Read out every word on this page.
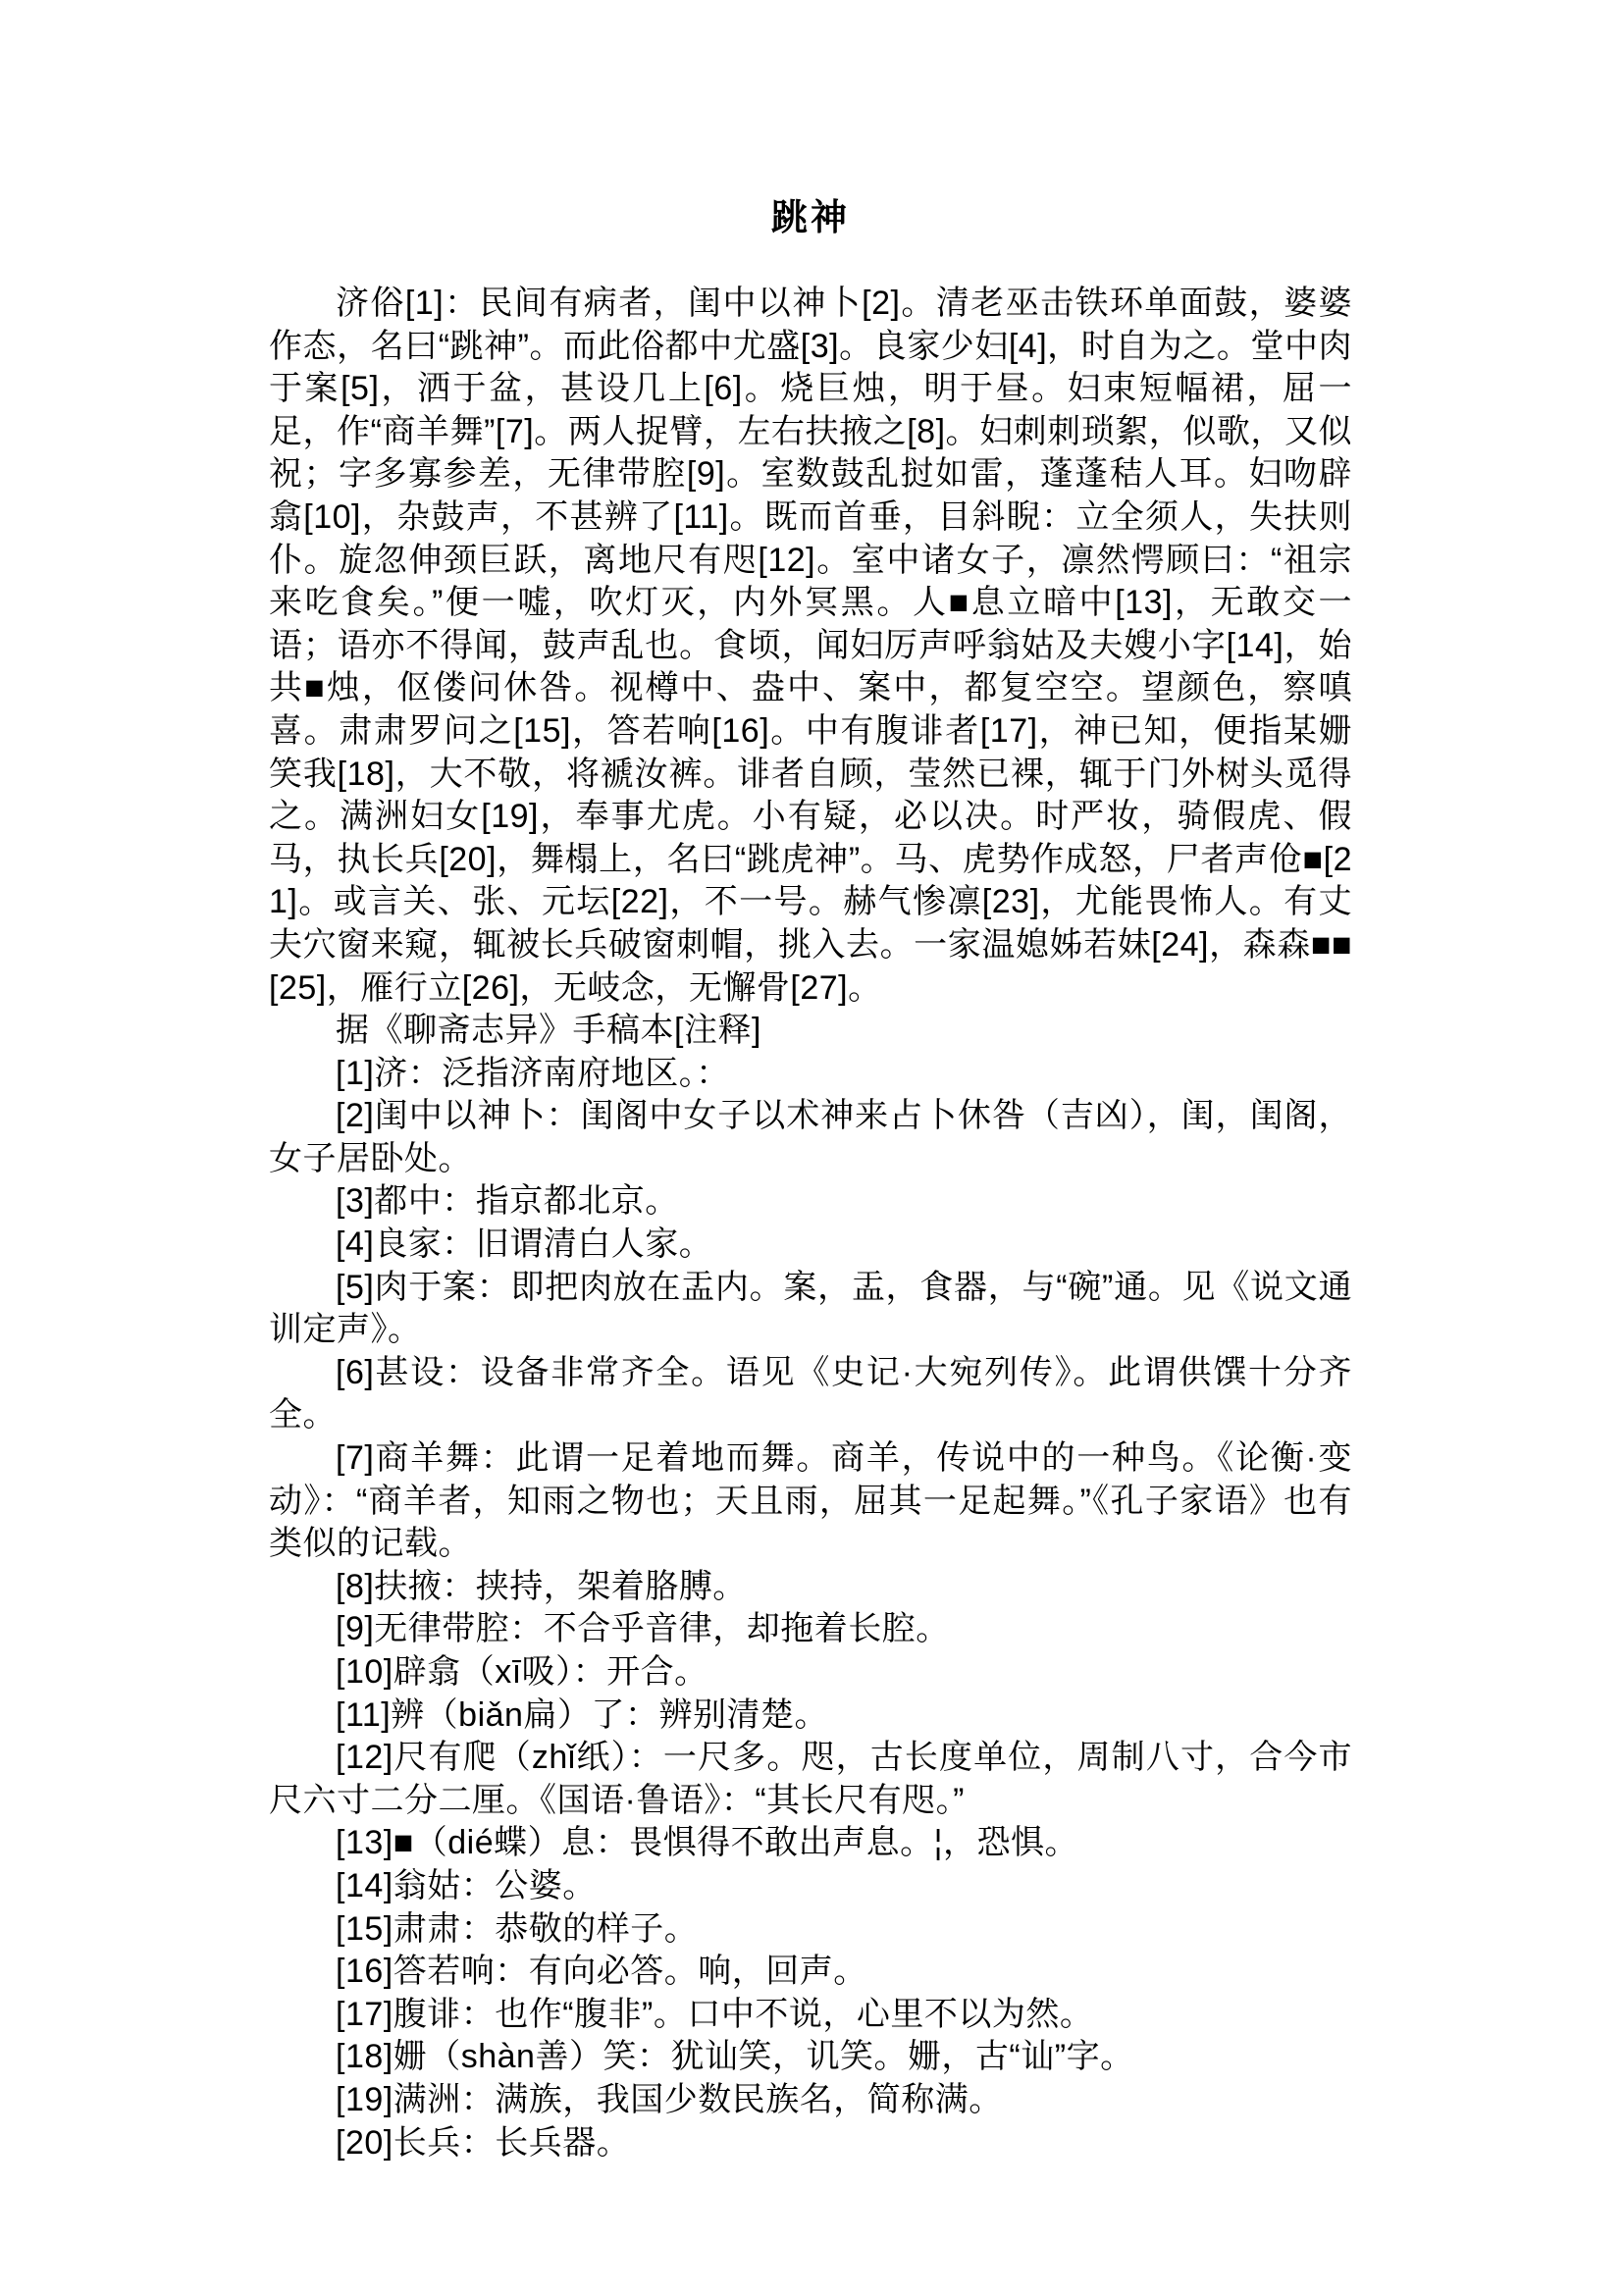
跳神

济俗[1]：民间有病者，闺中以神卜[2]。清老巫击铁环单面鼓，婆婆作态，名曰“跳神”。而此俗都中尤盛[3]。良家少妇[4]，时自为之。堂中肉于案[5]，洒于盆，甚设几上[6]。烧巨烛，明于昼。妇束短幅裙，屈一足，作“商羊舞”[7]。两人捉臂，左右扶掖之[8]。妇刺刺琐絮，似歌，又似祝；字多寡参差，无律带腔[9]。室数鼓乱挝如雷，蓬蓬秸人耳。妇吻辟翕[10]，杂鼓声，不甚辨了[11]。既而首垂，目斜睨：立全须人，失扶则仆。旋忽伸颈巨跃，离地尺有咫[12]。室中诸女子，凛然愕顾曰：“祖宗来吃食矣。”便一嘘，吹灯灭，内外冥黑。人■息立暗中[13]，无敢交一语；语亦不得闻，鼓声乱也。食顷，闻妇厉声呼翁姑及夫嫂小字[14]，始共■烛，伛偻问休咎。视樽中、盎中、案中，都复空空。望颜色，察嗔喜。肃肃罗问之[15]，答若响[16]。中有腹诽者[17]，神已知，便指某姗笑我[18]，大不敬，将褫汝裤。诽者自顾，莹然已裸，辄于门外树头觅得之。满洲妇女[19]，奉事尤虎。小有疑，必以决。时严妆，骑假虎、假马，执长兵[20]，舞榻上，名曰“跳虎神”。马、虎势作成怒，尸者声伧■[21]。或言关、张、元坛[22]，不一号。赫气惨凛[23]，尤能畏怖人。有丈夫穴窗来窥，辄被长兵破窗刺帽，挑入去。一家温媳姊若妹[24]，森森■■[25]，雁行立[26]，无岐念，无懈骨[27]。

据《聊斋志异》手稿本[注释]

[1]济：泛指济南府地区。：

[2]闺中以神卜：闺阁中女子以术神来占卜休咎（吉凶），闺，闺阁，女子居卧处。

[3]都中：指京都北京。

[4]良家：旧谓清白人家。

[5]肉于案：即把肉放在盂内。案，盂，食器，与“碗”通。见《说文通训定声》。

[6]甚设：设备非常齐全。语见《史记·大宛列传》。此谓供馔十分齐全。

[7]商羊舞：此谓一足着地而舞。商羊，传说中的一种鸟。《论衡·变动》：“商羊者，知雨之物也；天且雨，屈其一足起舞。”《孔子家语》也有类似的记载。

[8]扶掖：挟持，架着胳膊。

[9]无律带腔：不合乎音律，却拖着长腔。

[10]辟翕（xī吸）：开合。

[11]辨（biǎn扁）了：辨别清楚。

[12]尺有爬（zhǐ纸）：一尺多。咫，古长度单位，周制八寸，合今市尺六寸二分二厘。《国语·鲁语》：“其长尺有咫。”

[13]■（dié蝶）息：畏惧得不敢出声息。¦，恐惧。

[14]翁姑：公婆。

[15]肃肃：恭敬的样子。

[16]答若响：有向必答。响，回声。

[17]腹诽：也作“腹非”。口中不说，心里不以为然。

[18]姗（shàn善）笑：犹讪笑，讥笑。姗，古“讪”字。

[19]满洲：满族，我国少数民族名，简称满。

[20]长兵：长兵器。
